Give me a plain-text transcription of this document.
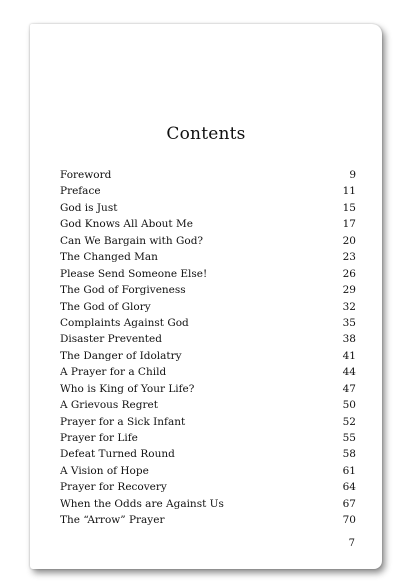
Contents
Foreword	9
Preface	11
God is Just	15
God Knows All About Me	17
Can We Bargain with God?	20
The Changed Man	23
Please Send Someone Else!	26
The God of Forgiveness	29
The God of Glory	32
Complaints Against God	35
Disaster Prevented	38
The Danger of Idolatry	41
A Prayer for a Child	44
Who is King of Your Life?	47
A Grievous Regret	50
Prayer for a Sick Infant	52
Prayer for Life	55
Defeat Turned Round	58
A Vision of Hope	61
Prayer for Recovery	64
When the Odds are Against Us	67
The “Arrow” Prayer	70
7
